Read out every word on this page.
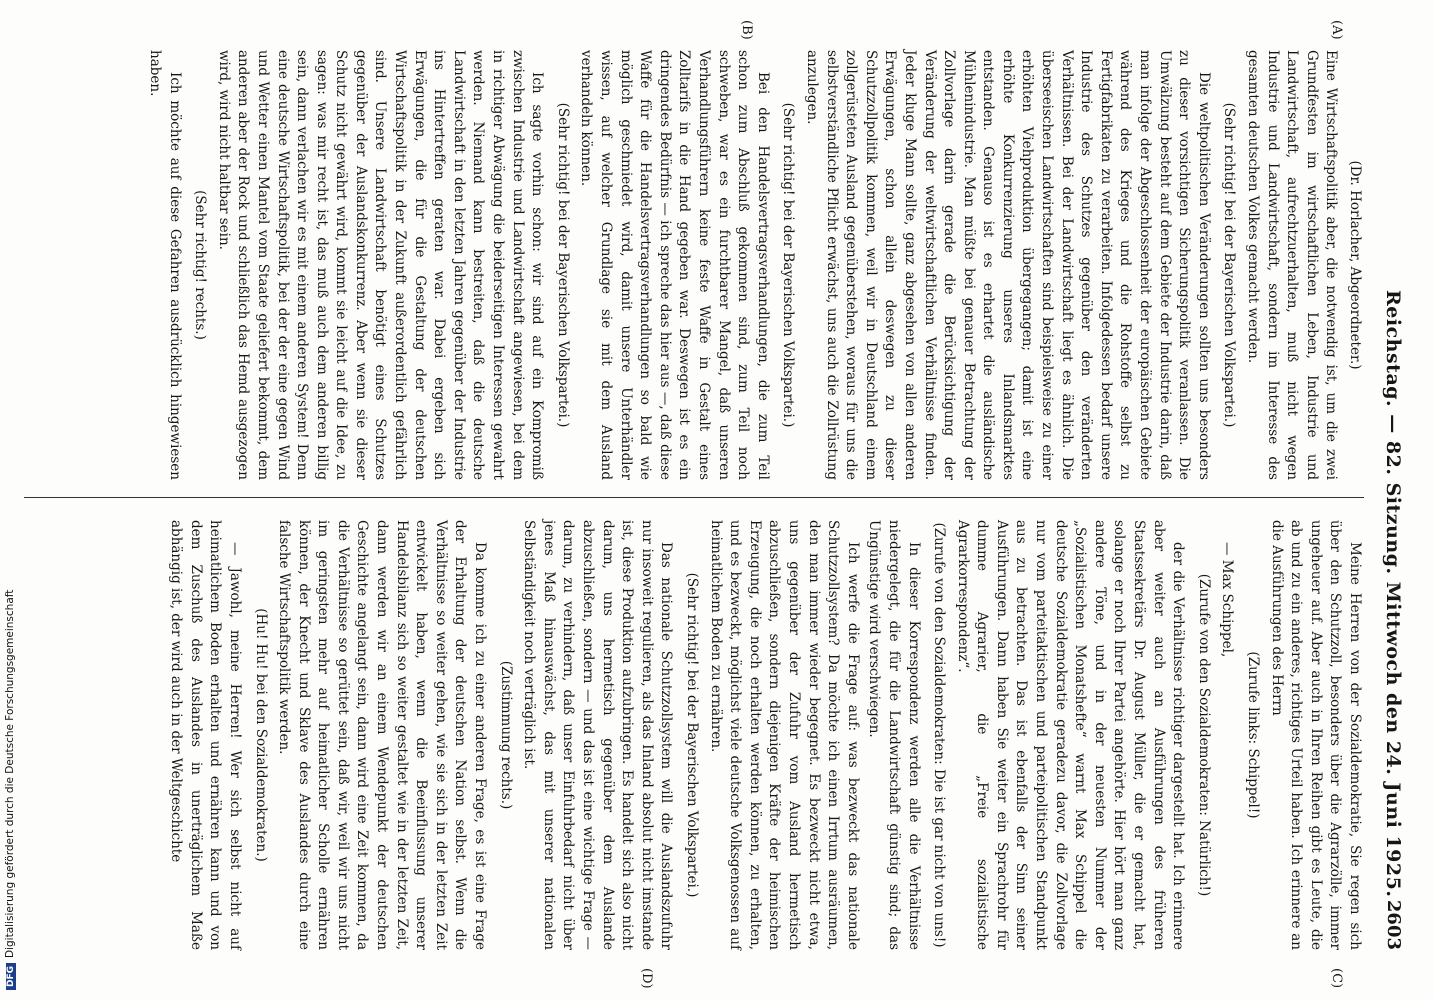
Reichstag. — 82. Sitzung. Mittwoch den 24. Juni 1925.
2603
(A)
(B)
(C)
(D)
(Dr. Horlacher, Abgeordneter.)

Eine Wirtschaftspolitik aber, die notwendig ist, um die zwei Grundfesten im wirtschaftlichen Leben, Industrie und Landwirtschaft, aufrechtzuerhalten, muß nicht wegen Industrie und Landwirtschaft, sondern im Interesse des gesamten deutschen Volkes gemacht werden.

(Sehr richtig! bei der Bayerischen Volkspartei.)

Die weltpolitischen Veränderungen sollten uns besonders zu dieser vorsichtigen Sicherungspolitik veranlassen. Die Umwälzung besteht auf dem Gebiete der Industrie darin, daß man infolge der Abgeschlossenheit der europäischen Gebiete während des Krieges und die Rohstoffe selbst zu Fertigfabrikaten zu verarbeiten. Infolgedessen bedarf unsere Industrie des Schutzes gegenüber den veränderten Verhältnissen. Bei der Landwirtschaft liegt es ähnlich. Die überseeischen Landwirtschaften sind beispielsweise zu einer erhöhten Viehproduktion übergegangen; damit ist eine erhöhte Konkurrenzierung unseres Inlandsmarktes entstanden. Genauso ist es erhartet die ausländische Mühlenindustrie. Man müßte bei genauer Betrachtung der Zollvorlage darin gerade die Berücksichtigung der Veränderung der weltwirtschaftlichen Verhältnisse finden. Jeder kluge Mann sollte, ganz abgesehen von allen anderen Erwägungen, schon allein deswegen zu dieser Schutzzollpolitik kommen, weil wir in Deutschland einem zollgerüsteten Ausland gegenüberstehen, woraus für uns die selbstverständliche Pflicht erwächst, uns auch die Zollrüstung anzulegen.

(Sehr richtig! bei der Bayerischen Volkspartei.)

Bei den Handelsvertragsverhandlungen, die zum Teil schon zum Abschluß gekommen sind, zum Teil noch schweben, war es ein furchtbarer Mangel, daß unseren Verhandlungsführern keine feste Waffe in Gestalt eines Zolltarifs in die Hand gegeben war. Deswegen ist es ein dringendes Bedürfnis — ich spreche das hier aus —, daß diese Waffe für die Handelsvertragsverhandlungen so bald wie möglich geschmiedet wird, damit unsere Unterhändler wissen, auf welcher Grundlage sie mit dem Ausland verhandeln können.

(Sehr richtig! bei der Bayerischen Volkspartei.)

Ich sagte vorhin schon: wir sind auf ein Kompromiß zwischen Industrie und Landwirtschaft angewiesen, bei dem in richtiger Abwägung die beiderseitigen Interessen gewahrt werden. Niemand kann bestreiten, daß die deutsche Landwirtschaft in den letzten Jahren gegenüber der Industrie ins Hintertreffen geraten war. Dabei ergeben sich Erwägungen, die für die Gestaltung der deutschen Wirtschaftspolitik in der Zukunft außerordentlich gefährlich sind. Unsere Landwirtschaft benötigt eines Schutzes gegenüber der Auslandskonkurrenz. Aber wenn sie dieser Schutz nicht gewährt wird, kommt sie leicht auf die Idee, zu sagen: was mir recht ist, das muß auch dem anderen billig sein, dann verlachen wir es mit einem anderen System! Denn eine deutsche Wirtschaftspolitik, bei der der eine gegen Wind und Wetter einen Mantel vom Staate geliefert bekommt, dem anderen aber der Rock und schließlich das Hemd ausgezogen wird, wird nicht haltbar sein.

(Sehr richtig! rechts.)

Ich möchte auf diese Gefahren ausdrücklich hingewiesen haben.

Meine Herren von der Sozialdemokratie, Sie regen sich über den Schutzzoll, besonders über die Agrarzölle, immer ungeheuer auf. Aber auch in Ihren Reihen gibt es Leute, die ab und zu ein anderes, richtiges Urteil haben. Ich erinnere an die Ausführungen des Herrn

(Zurufe links: Schippel!)

— Max Schippel,

(Zurufe von den Sozialdemokraten: Natürlich!)

der die Verhältnisse richtiger dargestellt hat. Ich erinnere aber weiter auch an Ausführungen des früheren Staatssekretärs Dr. August Müller, die er gemacht hat, solange er noch Ihrer Partei angehörte. Hier hört man ganz andere Töne, und in der neuesten Nummer der „Sozialistischen Monatshefte“ warnt Max Schippel die deutsche Sozialdemokratie geradezu davor, die Zollvorlage nur vom parteitaktischen und parteipolitischen Standpunkt aus zu betrachten. Das ist ebenfalls der Sinn seiner Ausführungen. Dann haben Sie weiter ein Sprachrohr für dumme Agrarier, die „Freie sozialistische Agrarkorrespondenz“.

(Zurufe von den Sozialdemokraten: Die ist gar nicht von uns!)

In dieser Korrespondenz werden alle die Verhältnisse niedergelegt, die für die Landwirtschaft günstig sind; das Ungünstige wird verschwiegen.

Ich werfe die Frage auf: was bezweckt das nationale Schutzzollsystem? Da möchte ich einen Irrtum ausräumen, den man immer wieder begegnet. Es bezweckt nicht etwa, uns gegenüber der Zufuhr vom Ausland hermetisch abzuschließen, sondern diejenigen Kräfte der heimischen Erzeugung, die noch erhalten werden können, zu erhalten, und es bezweckt, möglichst viele deutsche Volksgenossen auf heimatlichem Boden zu ernähren.

(Sehr richtig! bei der Bayerischen Volkspartei.)

Das nationale Schutzzollsystem will die Auslandszufuhr nur insoweit regulieren, als das Inland absolut nicht imstande ist, diese Produktion aufzubringen. Es handelt sich also nicht darum, uns hermetisch gegenüber dem Auslande abzuschließen, sondern — und das ist eine wichtige Frage — darum, zu verhindern, daß unser Einfuhrbedarf nicht über jenes Maß hinauswächst, das mit unserer nationalen Selbständigkeit noch verträglich ist.

(Zustimmung rechts.)

Da komme ich zu einer anderen Frage, es ist eine Frage der Erhaltung der deutschen Nation selbst. Wenn die Verhältnisse so weiter gehen, wie sie sich in der letzten Zeit entwickelt haben, wenn die Beeinflussung unserer Handelsbilanz sich so weiter gestaltet wie in der letzten Zeit, dann werden wir an einem Wendepunkt der deutschen Geschichte angelangt sein, dann wird eine Zeit kommen, da die Verhältnisse so gerüttet sein, daß wir, weil wir uns nicht im geringsten mehr auf heimatlicher Scholle ernähren können, der Knecht und Sklave des Auslandes durch eine falsche Wirtschaftspolitik werden.

(Hu! Hu! bei den Sozialdemokraten.)

— Jawohl, meine Herren! Wer sich selbst nicht auf heimatlichem Boden erhalten und ernähren kann und von dem Zuschuß des Auslandes in unerträglichem Maße abhängig ist, der wird auch in der Weltgeschichte

DFGDigitalisierung gefördert durch die Deutsche Forschungsgemeinschaft
